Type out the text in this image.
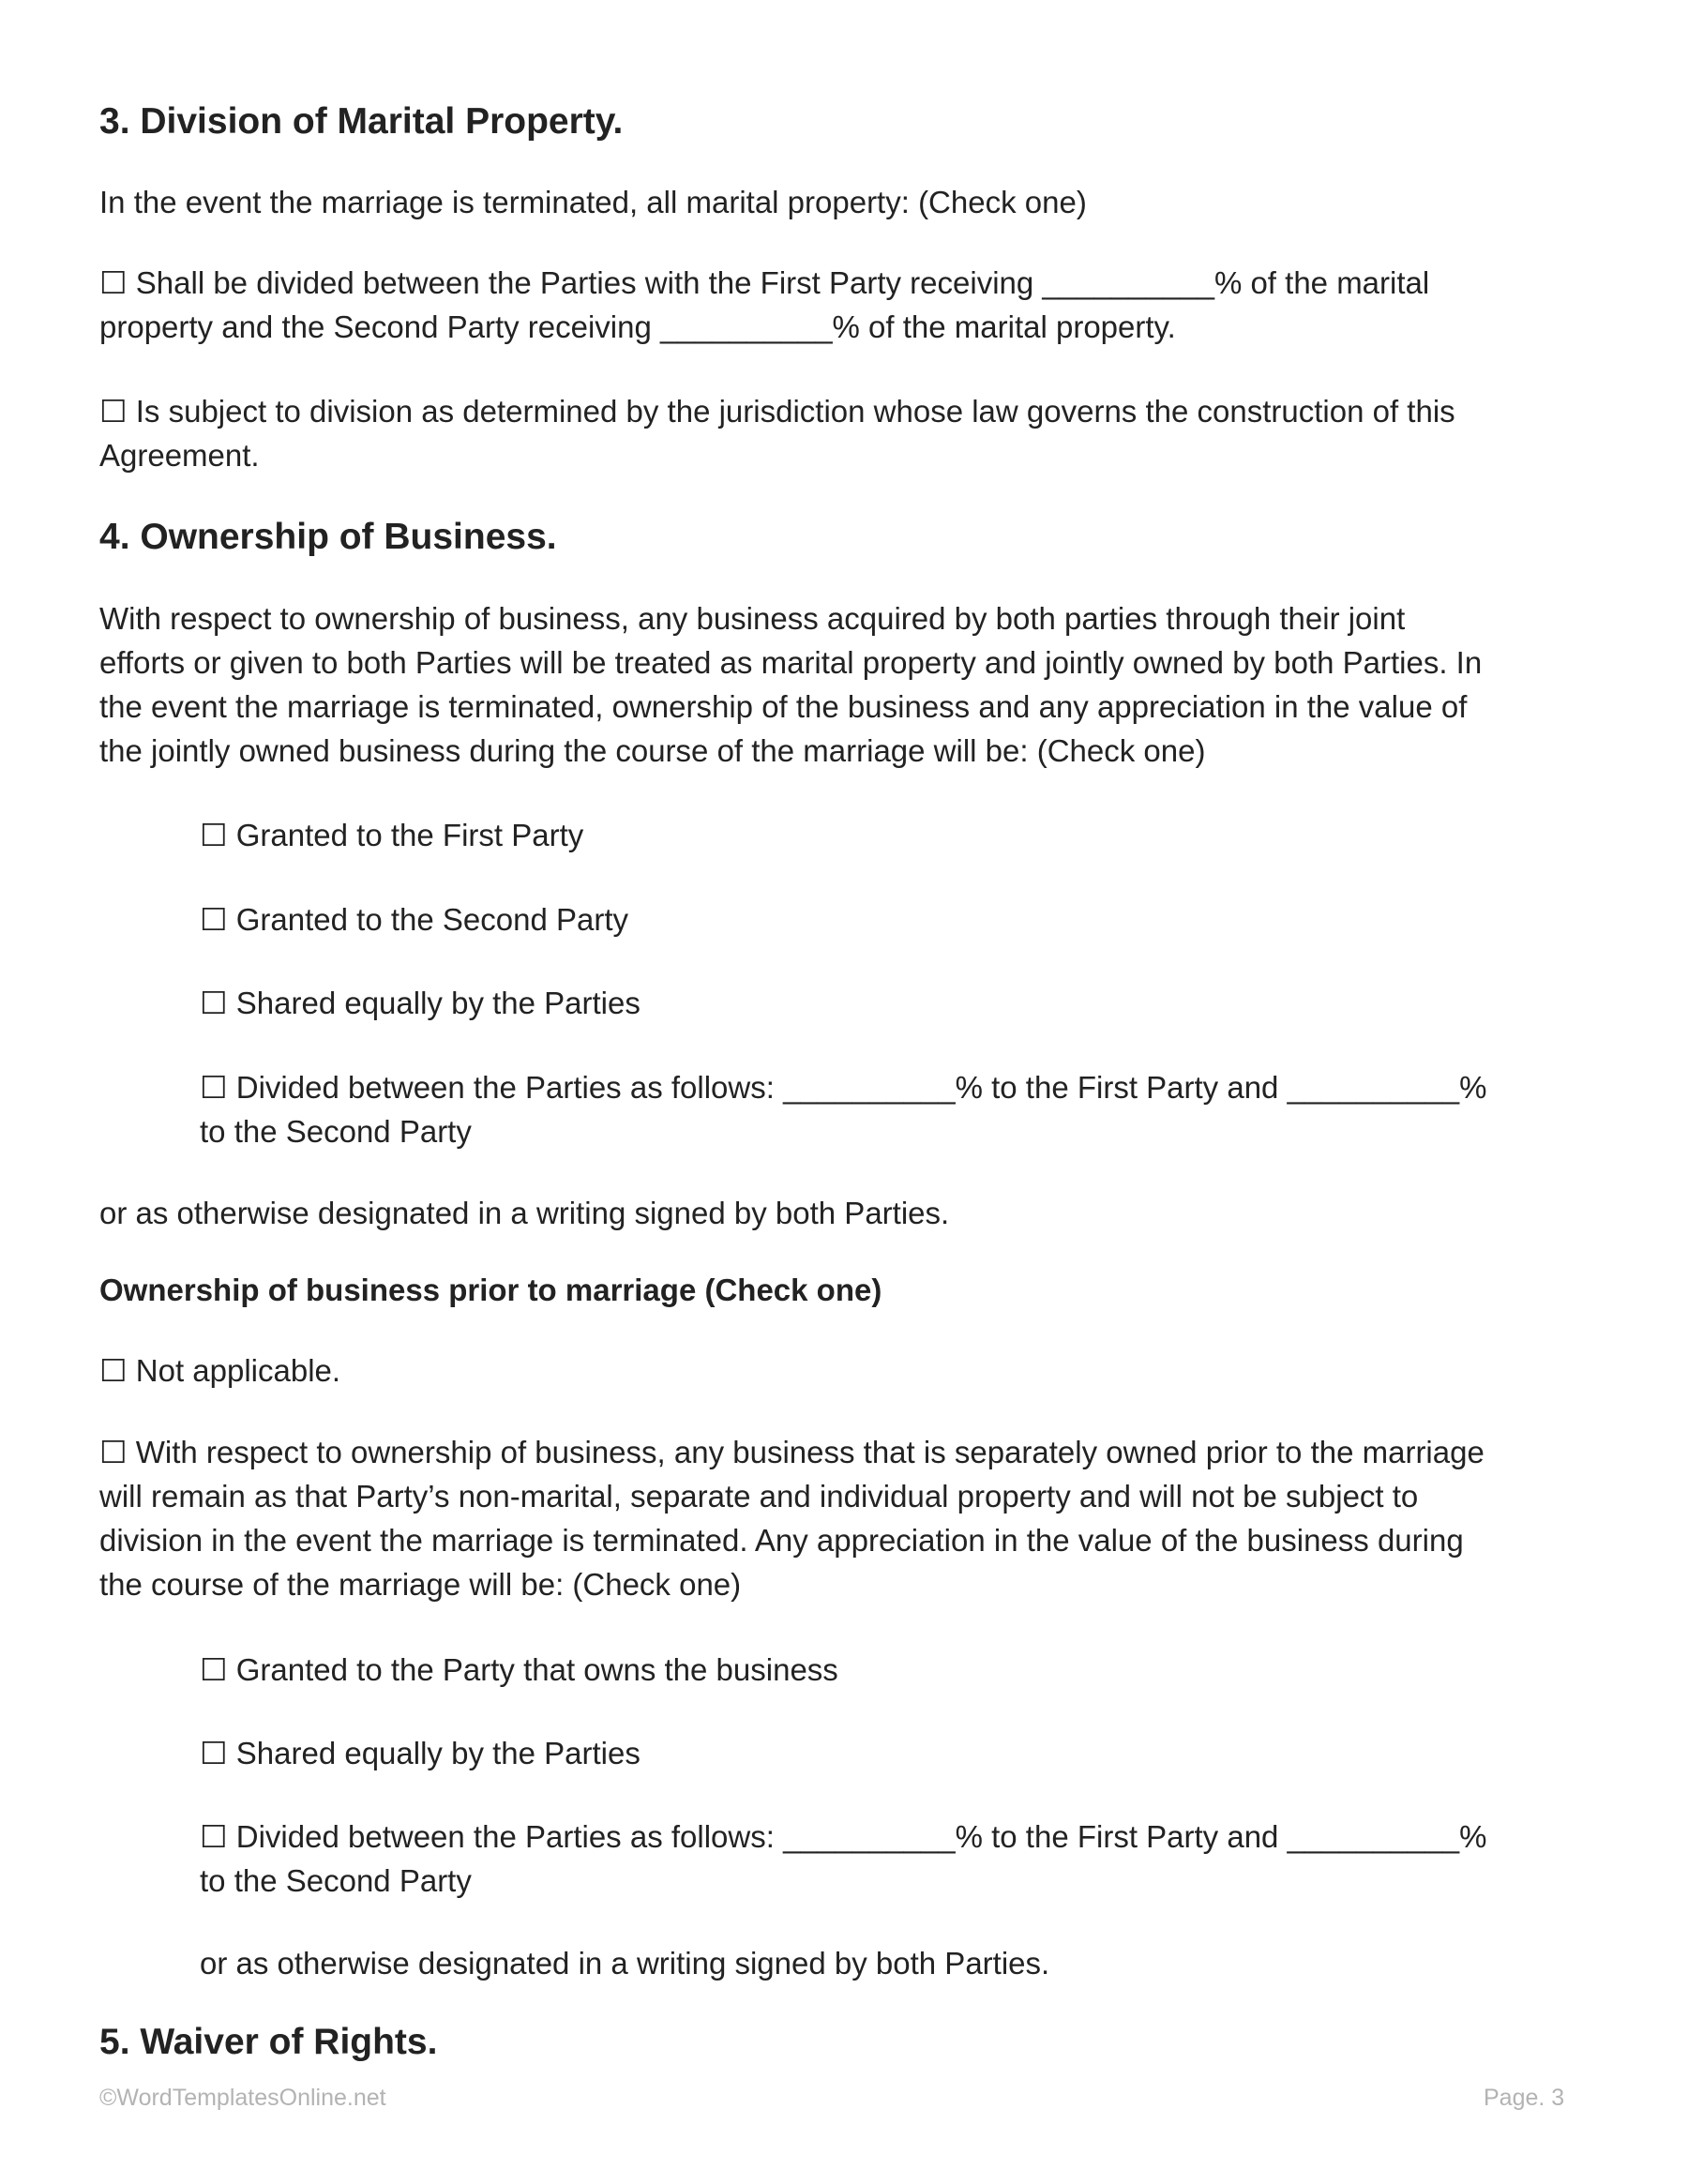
3. Division of Marital Property.

In the event the marriage is terminated, all marital property: (Check one)

☐ Shall be divided between the Parties with the First Party receiving __________% of the marital

property and the Second Party receiving __________% of the marital property.

☐ Is subject to division as determined by the jurisdiction whose law governs the construction of this

Agreement.

4. Ownership of Business.

With respect to ownership of business, any business acquired by both parties through their joint

efforts or given to both Parties will be treated as marital property and jointly owned by both Parties. In

the event the marriage is terminated, ownership of the business and any appreciation in the value of

the jointly owned business during the course of the marriage will be: (Check one)

☐ Granted to the First Party

☐ Granted to the Second Party

☐ Shared equally by the Parties

☐ Divided between the Parties as follows: __________% to the First Party and __________%

to the Second Party

or as otherwise designated in a writing signed by both Parties.

Ownership of business prior to marriage (Check one)

☐ Not applicable.

☐ With respect to ownership of business, any business that is separately owned prior to the marriage

will remain as that Party’s non-marital, separate and individual property and will not be subject to

division in the event the marriage is terminated. Any appreciation in the value of the business during

the course of the marriage will be: (Check one)

☐ Granted to the Party that owns the business

☐ Shared equally by the Parties

☐ Divided between the Parties as follows: __________% to the First Party and __________%

to the Second Party

or as otherwise designated in a writing signed by both Parties.

5. Waiver of Rights.
©WordTemplatesOnline.net	Page. 3
